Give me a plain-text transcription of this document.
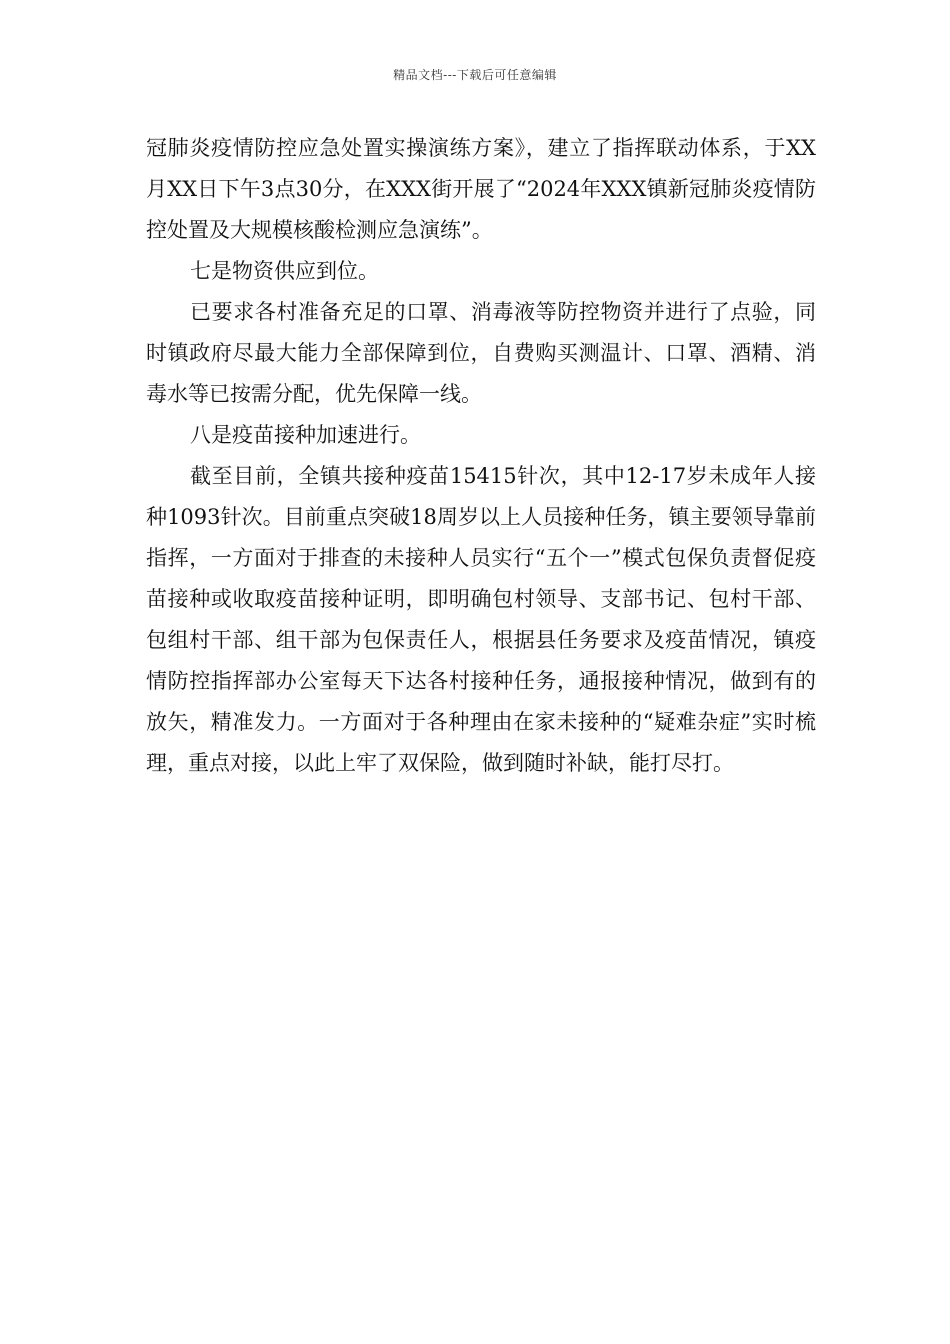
精品文档---下载后可任意编辑

冠肺炎疫情防控应急处置实操演练方案》，建立了指挥联动体系，于XX月XX日下午3点30分，在XXX街开展了“2024年XXX镇新冠肺炎疫情防控处置及大规模核酸检测应急演练”。

七是物资供应到位。

已要求各村准备充足的口罩、消毒液等防控物资并进行了点验，同时镇政府尽最大能力全部保障到位，自费购买测温计、口罩、酒精、消毒水等已按需分配，优先保障一线。

八是疫苗接种加速进行。

截至目前，全镇共接种疫苗15415针次，其中12-17岁未成年人接种1093针次。目前重点突破18周岁以上人员接种任务，镇主要领导靠前指挥，一方面对于排查的未接种人员实行“五个一”模式包保负责督促疫苗接种或收取疫苗接种证明，即明确包村领导、支部书记、包村干部、包组村干部、组干部为包保责任人，根据县任务要求及疫苗情况，镇疫情防控指挥部办公室每天下达各村接种任务，通报接种情况，做到有的放矢，精准发力。一方面对于各种理由在家未接种的“疑难杂症”实时梳理，重点对接，以此上牢了双保险，做到随时补缺，能打尽打。
